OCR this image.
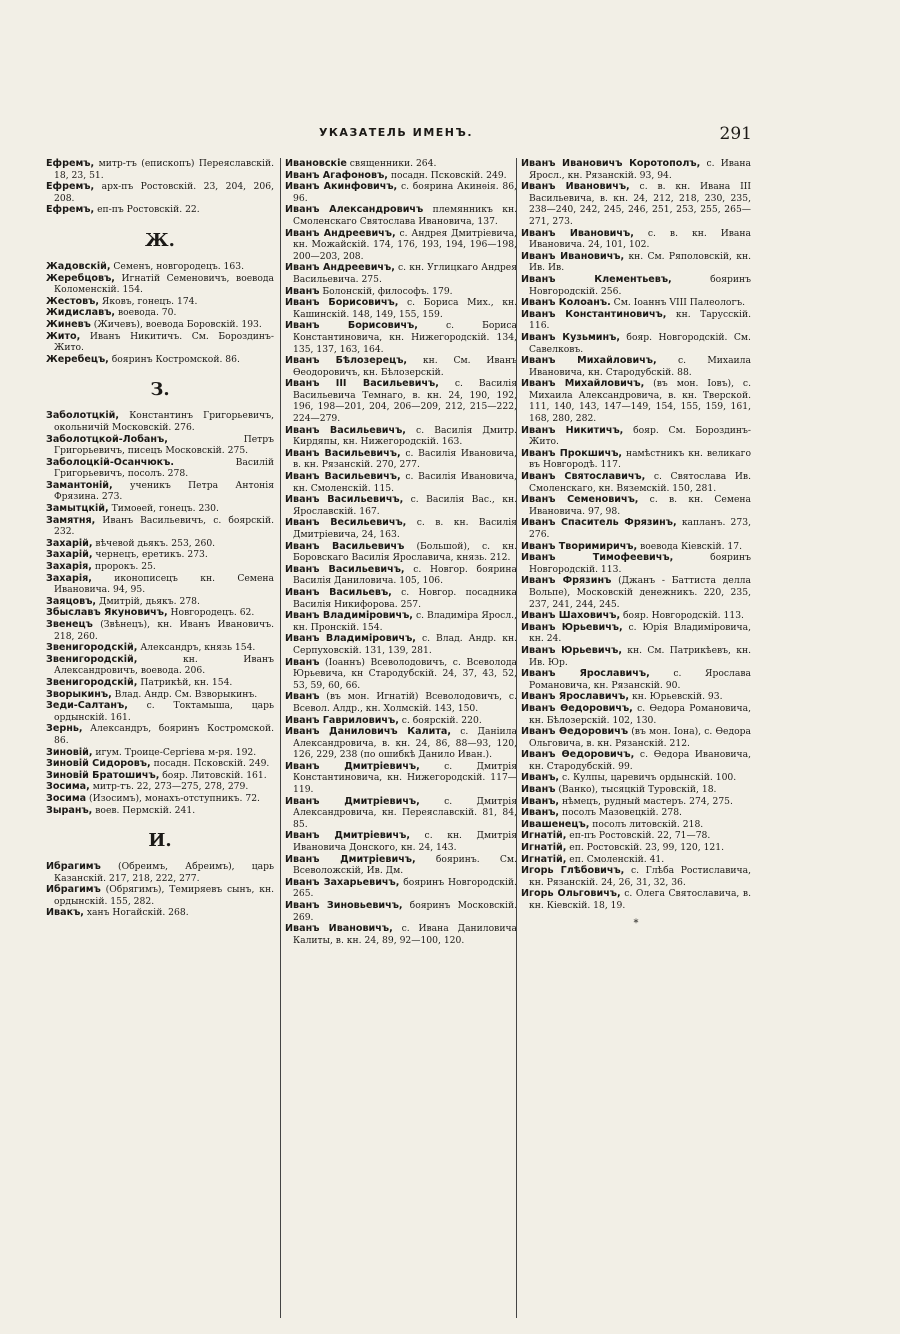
УКАЗАТЕЛЬ ИМЕНЪ.	291

Ефремъ, митр-тъ (епископъ) Переяславскій. 18, 23, 51.

Ефремъ, арх-пъ Ростовскій. 23, 204, 206, 208.

Ефремъ, еп-пъ Ростовскій. 22.

Ж.

Жадовскій, Семенъ, новгородецъ. 163.

Жеребцовъ, Игнатій Семеновичъ, воевода Коломенскій. 154.

Жестовъ, Яковъ, гонецъ. 174.

Жидиславъ, воевода. 70.

Жиневъ (Жичевъ), воевода Боровскій. 193.

Жито, Иванъ Никитичъ. См. Бороздинъ-Жито.

Жеребецъ, бояринъ Костромской. 86.

З.

Заболотцкій, Константинъ Григорьевичъ, окольничій Московскій. 276.

Заболотцкой-Лобанъ, Петръ Григорьевичъ, писецъ Московскій. 275.

Заболоцкій-Осанчюкъ. Василій Григорьевичъ, посолъ. 278.

Замантоній, ученикъ Петра Антонія Фрязина. 273.

Замытцкій, Тимоѳей, гонецъ. 230.

Замятня, Иванъ Васильевичъ, с. боярскій. 232.

Захарій, вѣчевой дьякъ. 253, 260.

Захарій, чернецъ, еретикъ. 273.

Захарія, пророкъ. 25.

Захарія, иконописецъ кн. Семена Ивановича. 94, 95.

Заяцовъ, Дмитрій, дьякъ. 278.

Збыславъ Якуновичъ, Новгородецъ. 62.

Звенецъ (Звѣнецъ), кн. Иванъ Ивановичъ. 218, 260.

Звенигородскій, Александръ, князь 154.

Звенигородскій, кн. Иванъ Александровичъ, воевода. 206.

Звенигородскій, Патрикѣй, кн. 154.

Зворыкинъ, Влад. Андр. См. Взворыкинъ.

Зеди-Салтанъ, с. Токтамыша, царь ордынскій. 161.

Зернь, Александръ, бояринъ Костромской. 86.

Зиновій, игум. Троице-Сергіева м-ря. 192.

Зиновій Сидоровъ, посадн. Псковскій. 249.

Зиновій Братошичъ, бояр. Литовскій. 161.

Зосима, митр-тъ. 22, 273—275, 278, 279.

Зосима (Изосимъ), монахъ-отступникъ. 72.

Зыранъ, воев. Пермскій. 241.

И.

Ибрагимъ (Обреимъ, Абреимъ), царь Казанскій. 217, 218, 222, 277.

Ибрагимъ (Обрягимъ), Темиряевъ сынъ, кн. ордынскій. 155, 282.

Ивакъ, ханъ Ногайскій. 268.

Ивановскіе священники. 264.

Иванъ Агафоновъ, посадн. Псковскій. 249.

Иванъ Акинфовичъ, с. боярина Акинѳія. 86, 96.

Иванъ Александровичъ племянникъ кн. Смоленскаго Святослава Ивановича, 137.

Иванъ Андреевичъ, с. Андрея Дмитріевича, кн. Можайскій. 174, 176, 193, 194, 196—198, 200—203, 208.

Иванъ Андреевичъ, с. кн. Углицкаго Андрея Васильевича. 275.

Иванъ Болонскій, философъ. 179.

Иванъ Борисовичъ, с. Бориса Мих., кн. Кашинскій. 148, 149, 155, 159.

Иванъ Борисовичъ, с. Бориса Константиновича, кн. Нижегородскій. 134, 135, 137, 163, 164.

Иванъ Бѣлозерецъ, кн. См. Иванъ Ѳеодоровичъ, кн. Бѣлозерскій.

Иванъ III Васильевичъ, с. Василія Васильевича Темнаго, в. кн. 24, 190, 192, 196, 198—201, 204, 206—209, 212, 215—222, 224—279.

Иванъ Васильевичъ, с. Василія Дмитр. Кирдяпы, кн. Нижегородскій. 163.

Иванъ Васильевичъ, с. Василія Ивановича, в. кн. Рязанскій. 270, 277.

Иванъ Васильевичъ, с. Василія Ивановича, кн. Смоленскій. 115.

Иванъ Васильевичъ, с. Василія Вас., кн. Ярославскій. 167.

Иванъ Весильевичъ, с. в. кн. Василія Дмитріевича, 24, 163.

Иванъ Васильевичъ (Большой), с. кн. Боровскаго Василія Ярославича, князь. 212.

Иванъ Васильевичъ, с. Новгор. боярина Василія Даниловича. 105, 106.

Иванъ Васильевъ, с. Новгор. посадника Василія Никифорова. 257.

Иванъ Владиміровичъ, с. Владиміра Яросл., кн. Пронскій. 154.

Иванъ Владиміровичъ, с. Влад. Андр. кн. Серпуховскій. 131, 139, 281.

Иванъ (Іоаннъ) Всеволодовичъ, с. Всеволода Юрьевича, кн Стародубскій. 24, 37, 43, 52, 53, 59, 60, 66.

Иванъ (въ мон. Игнатій) Всеволодовичъ, с. Всевол. Алдр., кн. Холмскій. 143, 150.

Иванъ Гавриловичъ, с. боярскій. 220.

Иванъ Даниловичъ Калита, с. Даніила Александровича, в. кн. 24, 86, 88—93, 120, 126, 229, 238 (по ошибкѣ Данило Иван.).

Иванъ Дмитріевичъ, с. Дмитрія Константиновича, кн. Нижегородскій. 117—119.

Иванъ Дмитріевичъ, с. Дмитрія Александровича, кн. Переяславскій. 81, 84, 85.

Иванъ Дмитріевичъ, с. кн. Дмитрія Ивановича Донского, кн. 24, 143.

Иванъ Дмитріевичъ, бояринъ. См. Всеволожскій, Ив. Дм.

Иванъ Захарьевичъ, бояринъ Новгородскій. 265.

Иванъ Зиновьевичъ, бояринъ Московскій. 269.

Иванъ Ивановичъ, с. Ивана Даниловича Калиты, в. кн. 24, 89, 92—100, 120.

Иванъ Ивановичъ Коротополъ, с. Ивана Яросл., кн. Рязанскій. 93, 94.

Иванъ Ивановичъ, с. в. кн. Ивана III Васильевича, в. кн. 24, 212, 218, 230, 235, 238—240, 242, 245, 246, 251, 253, 255, 265—271, 273.

Иванъ Ивановичъ, с. в. кн. Ивана Ивановича. 24, 101, 102.

Иванъ Ивановичъ, кн. См. Ряполовскій, кн. Ив. Ив.

Иванъ Клементьевъ, бояринъ Новгородскій. 256.

Иванъ Колоанъ. См. Іоаннъ VIII Палеологъ.

Иванъ Константиновичъ, кн. Тарусскій. 116.

Иванъ Кузьминъ, бояр. Новгородскій. См. Савелковъ.

Иванъ Михайловичъ, с. Михаила Ивановича, кн. Стародубскій. 88.

Иванъ Михайловичъ, (въ мон. Іовъ), с. Михаила Александровича, в. кн. Тверской. 111, 140, 143, 147—149, 154, 155, 159, 161, 168, 280, 282.

Иванъ Никитичъ, бояр. См. Бороздинъ-Жито.

Иванъ Прокшичъ, намѣстникъ кн. великаго въ Новгородѣ. 117.

Иванъ Святославичъ, с. Святослава Ив. Смоленскаго, кн. Вяземскій. 150, 281.

Иванъ Семеновичъ, с. в. кн. Семена Ивановича. 97, 98.

Иванъ Спаситель Фрязинъ, капланъ. 273, 276.

Иванъ Творимиричъ, воевода Кіевскій. 17.

Иванъ Тимофеевичъ, бояринъ Новгородскій. 113.

Иванъ Фрязинъ (Джанъ - Баттиста делла Вольпе), Московскій денежникъ. 220, 235, 237, 241, 244, 245.

Иванъ Шаховичъ, бояр. Новгородскій. 113.

Иванъ Юрьевичъ, с. Юрія Владиміровича, кн. 24.

Иванъ Юрьевичъ, кн. См. Патрикѣевъ, кн. Ив. Юр.

Иванъ Ярославичъ, с. Ярослава Романовича, кн. Рязанскій. 90.

Иванъ Ярославичъ, кн. Юрьевскій. 93.

Иванъ Ѳедоровичъ, с. Ѳедора Романовича, кн. Бѣлозерскій. 102, 130.

Иванъ Ѳедоровичъ (въ мон. Іона), с. Ѳедора Ольговича, в. кн. Рязанскій. 212.

Иванъ Ѳедоровичъ, с. Ѳедора Ивановича, кн. Стародубскій. 99.

Иванъ, с. Кулпы, царевичъ ордынскій. 100.

Иванъ (Ванко), тысяцкій Туровскій, 18.

Иванъ, нѣмецъ, рудный мастеръ. 274, 275.

Иванъ, посолъ Мазовецкій. 278.

Ивашенецъ, посолъ литовскій. 218.

Игнатій, еп-пъ Ростовскій. 22, 71—78.

Игнатій, еп. Ростовскій. 23, 99, 120, 121.

Игнатій, еп. Смоленскій. 41.

Игорь Глѣбовичъ, с. Глѣба Ростиславича, кн. Рязанскій. 24, 26, 31, 32, 36.

Игорь Ольговичъ, с. Олега Святославича, в. кн. Кіевскій. 18, 19.

*
